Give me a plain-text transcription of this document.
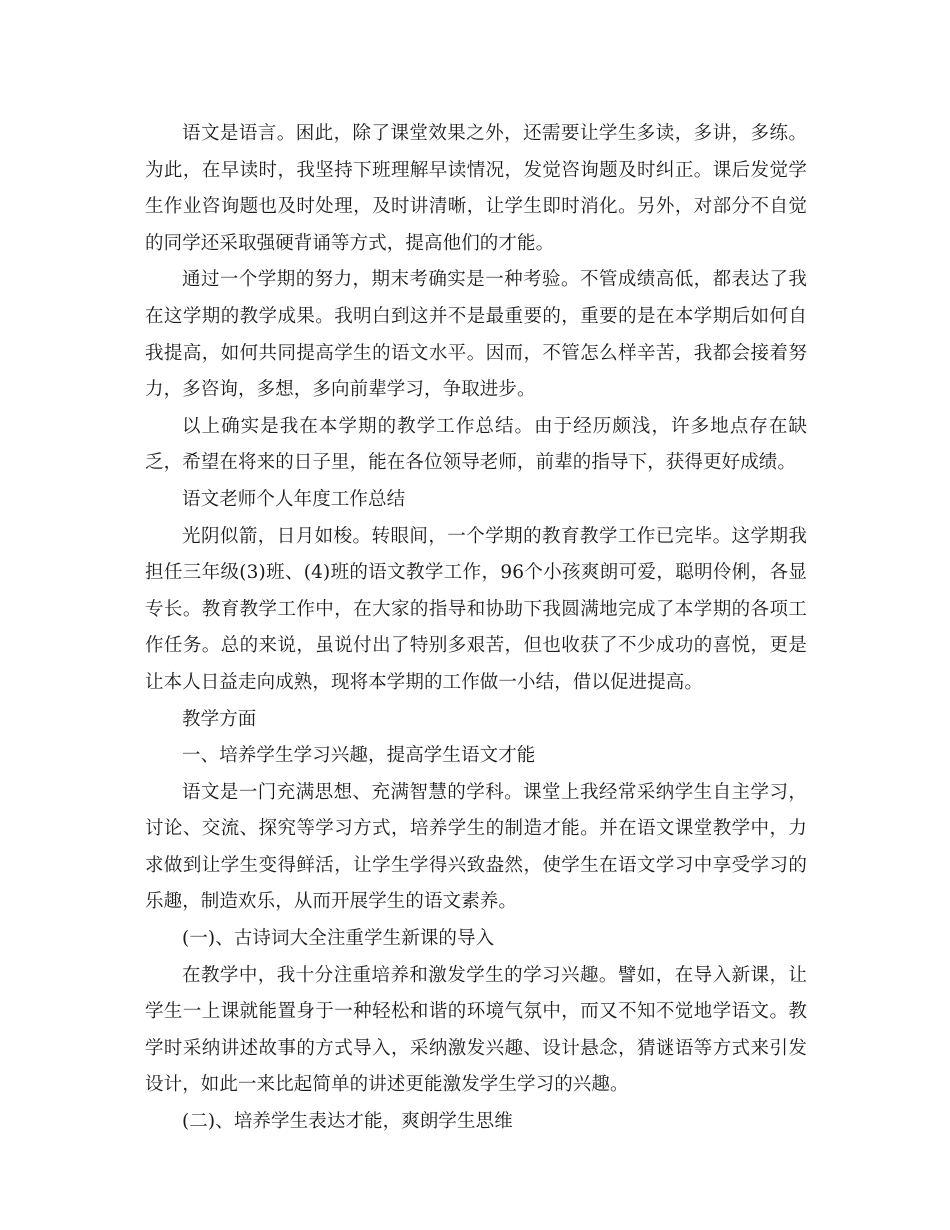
语文是语言。困此，除了课堂效果之外，还需要让学生多读，多讲，多练。为此，在早读时，我坚持下班理解早读情况，发觉咨询题及时纠正。课后发觉学生作业咨询题也及时处理，及时讲清晰，让学生即时消化。另外，对部分不自觉的同学还采取强硬背诵等方式，提高他们的才能。

通过一个学期的努力，期末考确实是一种考验。不管成绩高低，都表达了我在这学期的教学成果。我明白到这并不是最重要的，重要的是在本学期后如何自我提高，如何共同提高学生的语文水平。因而，不管怎么样辛苦，我都会接着努力，多咨询，多想，多向前辈学习，争取进步。

以上确实是我在本学期的教学工作总结。由于经历颇浅，许多地点存在缺乏，希望在将来的日子里，能在各位领导老师，前辈的指导下，获得更好成绩。

语文老师个人年度工作总结

光阴似箭，日月如梭。转眼间，一个学期的教育教学工作已完毕。这学期我担任三年级(3)班、(4)班的语文教学工作，96个小孩爽朗可爱，聪明伶俐，各显专长。教育教学工作中，在大家的指导和协助下我圆满地完成了本学期的各项工作任务。总的来说，虽说付出了特别多艰苦，但也收获了不少成功的喜悦，更是让本人日益走向成熟，现将本学期的工作做一小结，借以促进提高。

教学方面

一、培养学生学习兴趣，提高学生语文才能

语文是一门充满思想、充满智慧的学科。课堂上我经常采纳学生自主学习，讨论、交流、探究等学习方式，培养学生的制造才能。并在语文课堂教学中，力求做到让学生变得鲜活，让学生学得兴致盎然，使学生在语文学习中享受学习的乐趣，制造欢乐，从而开展学生的语文素养。

(一)、古诗词大全注重学生新课的导入

在教学中，我十分注重培养和激发学生的学习兴趣。譬如，在导入新课，让学生一上课就能置身于一种轻松和谐的环境气氛中，而又不知不觉地学语文。教学时采纳讲述故事的方式导入，采纳激发兴趣、设计悬念，猜谜语等方式来引发设计，如此一来比起简单的讲述更能激发学生学习的兴趣。

(二)、培养学生表达才能，爽朗学生思维
